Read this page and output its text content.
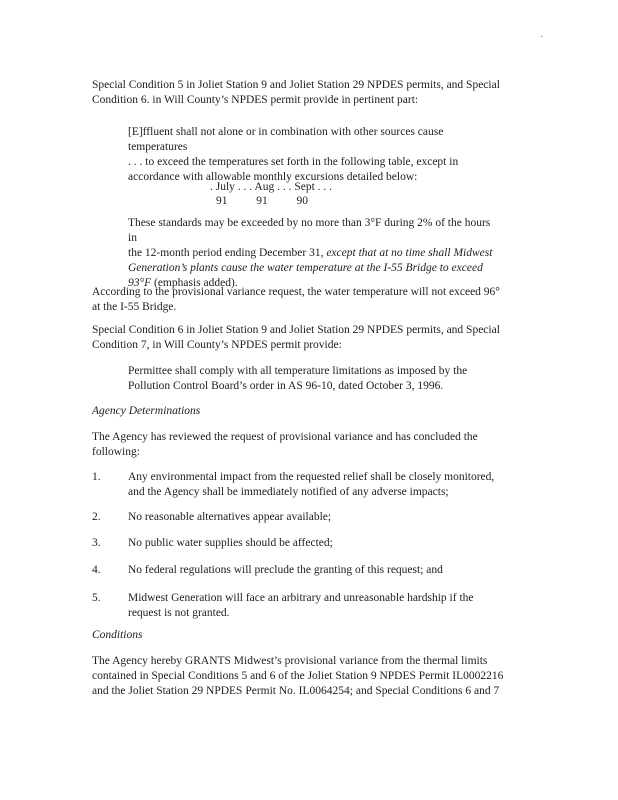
·
Special Condition 5 in Joliet Station 9 and Joliet Station 29 NPDES permits, and Special
Condition 6. in Will County’s NPDES permit provide in pertinent part:
[E]ffluent shall not alone or in combination with other sources cause temperatures
. . . to exceed the temperatures set forth in the following table, except in
accordance with allowable monthly excursions detailed below:
. July . . . Aug . . . Sept . . .
91          91          90
These standards may be exceeded by no more than 3°F during 2% of the hours in
the 12-month period ending December 31, except that at no time shall Midwest
Generation’s plants cause the water temperature at the I-55 Bridge to exceed
93°F (emphasis added).
According to the provisional variance request, the water temperature will not exceed 96°
at the I-55 Bridge.
Special Condition 6 in Joliet Station 9 and Joliet Station 29 NPDES permits, and Special
Condition 7, in Will County’s NPDES permit provide:
Permittee shall comply with all temperature limitations as imposed by the
Pollution Control Board’s order in AS 96-10, dated October 3, 1996.
Agency Determinations
The Agency has reviewed the request of provisional variance and has concluded the
following:
1.	Any environmental impact from the requested relief shall be closely monitored,
and the Agency shall be immediately notified of any adverse impacts;
2.	No reasonable alternatives appear available;
3.	No public water supplies should be affected;
4.	No federal regulations will preclude the granting of this request; and
5.	Midwest Generation will face an arbitrary and unreasonable hardship if the
request is not granted.
Conditions
The Agency hereby GRANTS Midwest’s provisional variance from the thermal limits
contained in Special Conditions 5 and 6 of the Joliet Station 9 NPDES Permit IL0002216
and the Joliet Station 29 NPDES Permit No. IL0064254; and Special Conditions 6 and 7
